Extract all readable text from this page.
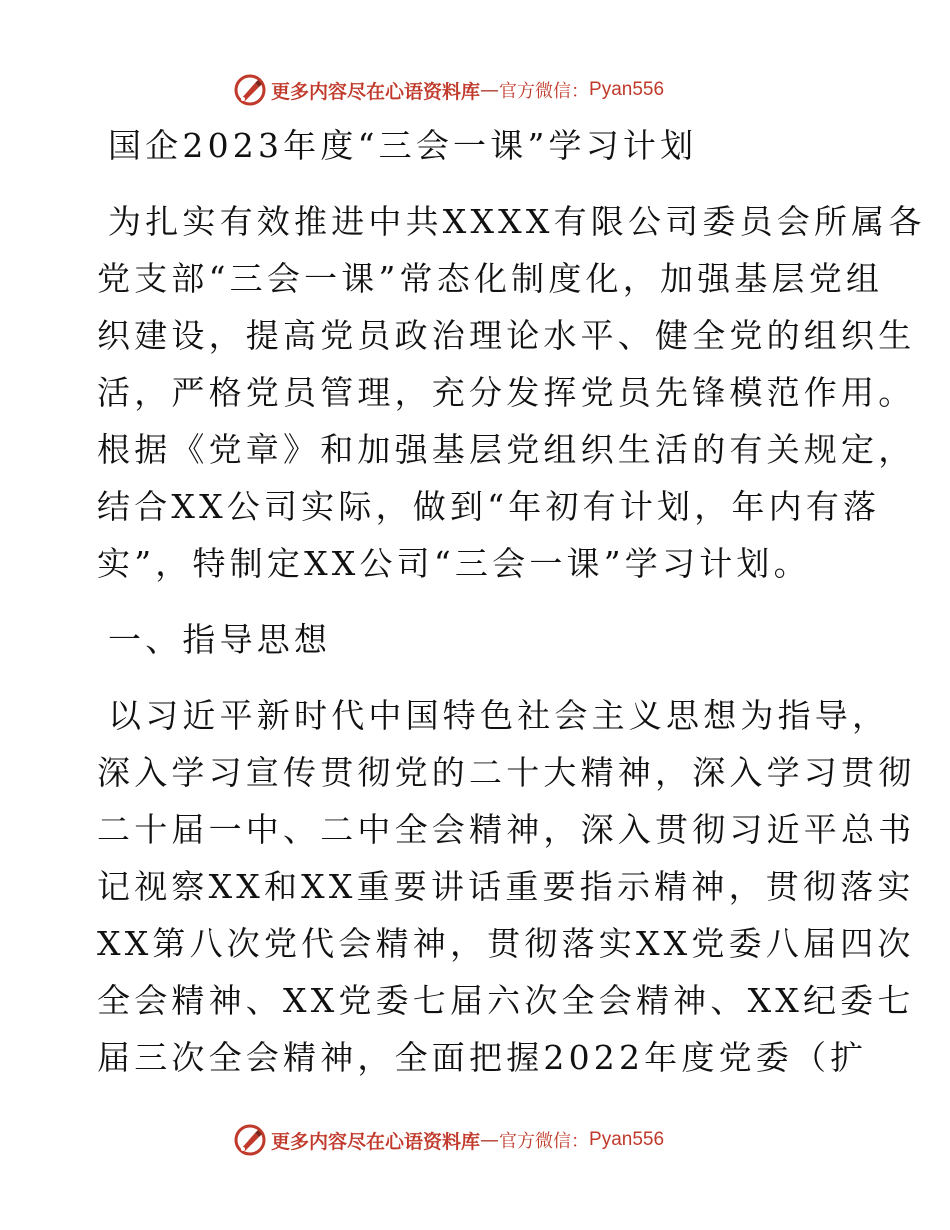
更多内容尽在心语资料库 — 官方微信： Pyan556

国企2023年度“三会一课”学习计划

为扎实有效推进中共XXXX有限公司委员会所属各

党支部“三会一课”常态化制度化，加强基层党组

织建设，提高党员政治理论水平、健全党的组织生

活，严格党员管理，充分发挥党员先锋模范作用。

根据《党章》和加强基层党组织生活的有关规定，

结合XX公司实际，做到“年初有计划，年内有落

实”，特制定XX公司“三会一课”学习计划。

一、指导思想

以习近平新时代中国特色社会主义思想为指导，

深入学习宣传贯彻党的二十大精神，深入学习贯彻

二十届一中、二中全会精神，深入贯彻习近平总书

记视察XX和XX重要讲话重要指示精神，贯彻落实

XX第八次党代会精神，贯彻落实XX党委八届四次

全会精神、XX党委七届六次全会精神、XX纪委七

届三次全会精神，全面把握2022年度党委（扩

更多内容尽在心语资料库 — 官方微信： Pyan556
